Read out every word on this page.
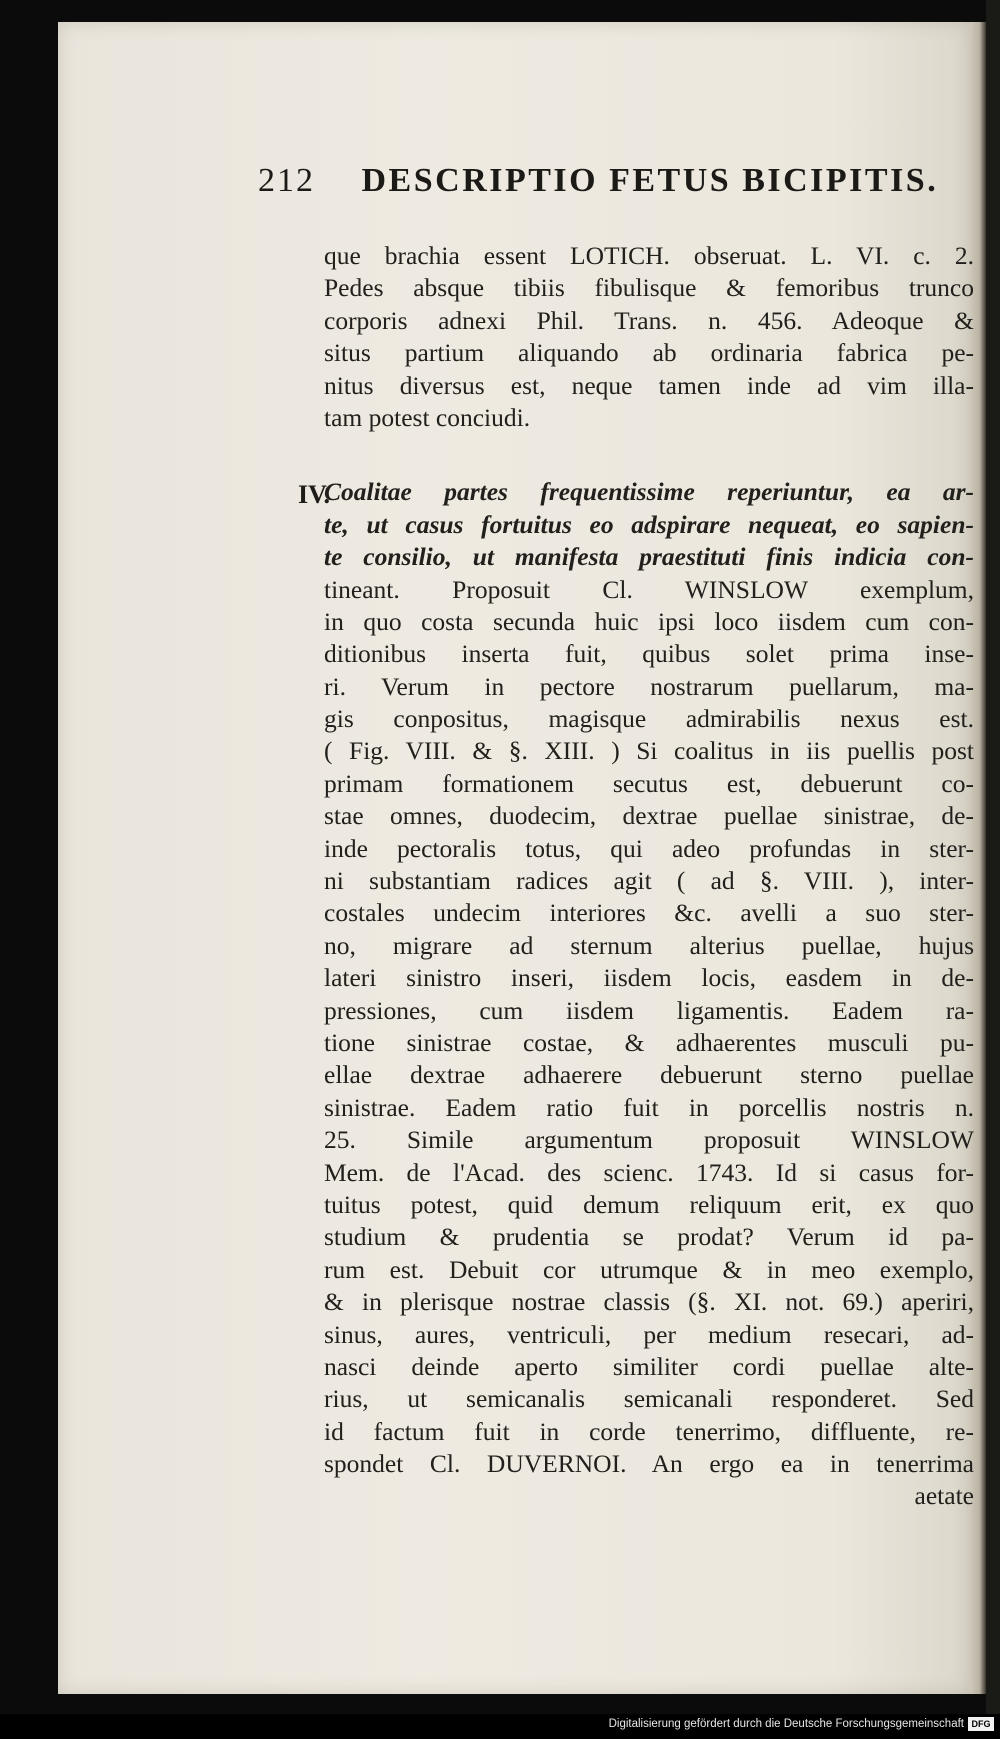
212 DESCRIPTIO FETUS BICIPITIS.
IV.
que brachia essent LOTICH. obseruat. L. VI. c. 2.
Pedes absque tibiis fibulisque & femoribus trunco
corporis adnexi Phil. Trans. n. 456. Adeoque &
situs partium aliquando ab ordinaria fabrica pe-
nitus diversus est, neque tamen inde ad vim illa-
tam potest conciudi.
Coalitae partes frequentissime reperiuntur, ea ar-
te, ut casus fortuitus eo adspirare nequeat, eo sapien-
te consilio, ut manifesta praestituti finis indicia con-
tineant. Proposuit Cl. WINSLOW exemplum,
in quo costa secunda huic ipsi loco iisdem cum con-
ditionibus inserta fuit, quibus solet prima inse-
ri. Verum in pectore nostrarum puellarum, ma-
gis conpositus, magisque admirabilis nexus est.
( Fig. VIII. & §. XIII. ) Si coalitus in iis puellis post
primam formationem secutus est, debuerunt co-
stae omnes, duodecim, dextrae puellae sinistrae, de-
inde pectoralis totus, qui adeo profundas in ster-
ni substantiam radices agit ( ad §. VIII. ), inter-
costales undecim interiores &c. avelli a suo ster-
no, migrare ad sternum alterius puellae, hujus
lateri sinistro inseri, iisdem locis, easdem in de-
pressiones, cum iisdem ligamentis. Eadem ra-
tione sinistrae costae, & adhaerentes musculi pu-
ellae dextrae adhaerere debuerunt sterno puellae
sinistrae. Eadem ratio fuit in porcellis nostris n.
25. Simile argumentum proposuit WINSLOW
Mem. de l'Acad. des scienc. 1743. Id si casus for-
tuitus potest, quid demum reliquum erit, ex quo
studium & prudentia se prodat? Verum id pa-
rum est. Debuit cor utrumque & in meo exemplo,
& in plerisque nostrae classis (§. XI. not. 69.) aperiri,
sinus, aures, ventriculi, per medium resecari, ad-
nasci deinde aperto similiter cordi puellae alte-
rius, ut semicanalis semicanali responderet. Sed
id factum fuit in corde tenerrimo, diffluente, re-
spondet Cl. DUVERNOI. An ergo ea in tenerrima
aetate
Digitalisierung gefördert durch die Deutsche Forschungsgemeinschaft DFG
